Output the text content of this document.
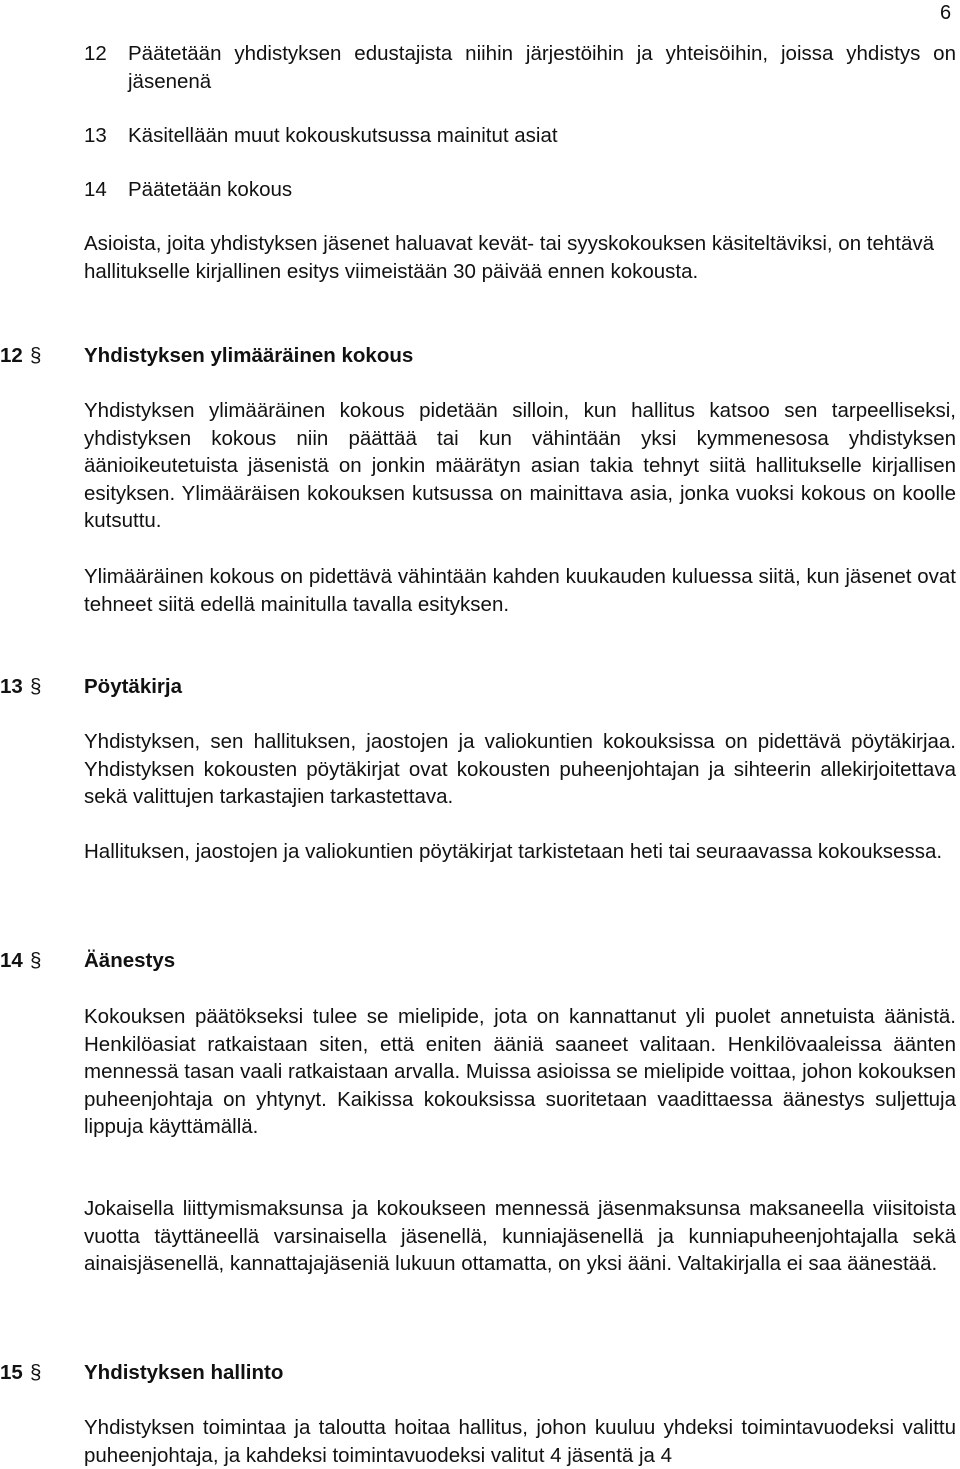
6
12	Päätetään yhdistyksen edustajista niihin järjestöihin ja yhteisöihin, joissa yhdistys on jäsenenä
13	Käsitellään muut kokouskutsussa mainitut asiat
14	Päätetään kokous
Asioista, joita yhdistyksen jäsenet haluavat kevät- tai syyskokouksen käsiteltäviksi, on tehtävä hallitukselle kirjallinen esitys viimeistään 30 päivää ennen kokousta.
12 § Yhdistyksen ylimääräinen kokous
Yhdistyksen ylimääräinen kokous pidetään silloin, kun hallitus katsoo sen tarpeelliseksi, yhdistyksen kokous niin päättää tai kun vähintään yksi kymmenesosa yhdistyksen äänioikeutetuista jäsenistä on jonkin määrätyn asian takia tehnyt siitä hallitukselle kirjallisen esityksen. Ylimääräisen kokouksen kutsussa on mainittava asia, jonka vuoksi kokous on koolle kutsuttu.
Ylimääräinen kokous on pidettävä vähintään kahden kuukauden kuluessa siitä, kun jäsenet ovat tehneet siitä edellä mainitulla tavalla esityksen.
13 § Pöytäkirja
Yhdistyksen, sen hallituksen, jaostojen ja valiokuntien kokouksissa on pidettävä pöytäkirjaa. Yhdistyksen kokousten pöytäkirjat ovat kokousten puheenjohtajan ja sihteerin allekirjoitettava sekä valittujen tarkastajien tarkastettava.
Hallituksen, jaostojen ja valiokuntien pöytäkirjat tarkistetaan heti tai seuraavassa kokouksessa.
14 § Äänestys
Kokouksen päätökseksi tulee se mielipide, jota on kannattanut yli puolet annetuista äänistä. Henkilöasiat ratkaistaan siten, että eniten ääniä saaneet valitaan. Henkilövaaleissa äänten mennessä tasan vaali ratkaistaan arvalla. Muissa asioissa se mielipide voittaa, johon kokouksen puheenjohtaja on yhtynyt. Kaikissa kokouksissa suoritetaan vaadittaessa äänestys suljettuja lippuja käyttämällä.
Jokaisella liittymismaksunsa ja kokoukseen mennessä jäsenmaksunsa maksaneella viisitoista vuotta täyttäneellä varsinaisella jäsenellä, kunniajäsenellä ja kunniapuheenjohtajalla sekä ainaisjäsenellä, kannattajajäseniä lukuun ottamatta, on yksi ääni. Valtakirjalla ei saa äänestää.
15 § Yhdistyksen hallinto
Yhdistyksen toimintaa ja taloutta hoitaa hallitus, johon kuuluu yhdeksi toimintavuodeksi valittu puheenjohtaja, ja kahdeksi toimintavuodeksi valitut 4 jäsentä ja 4
